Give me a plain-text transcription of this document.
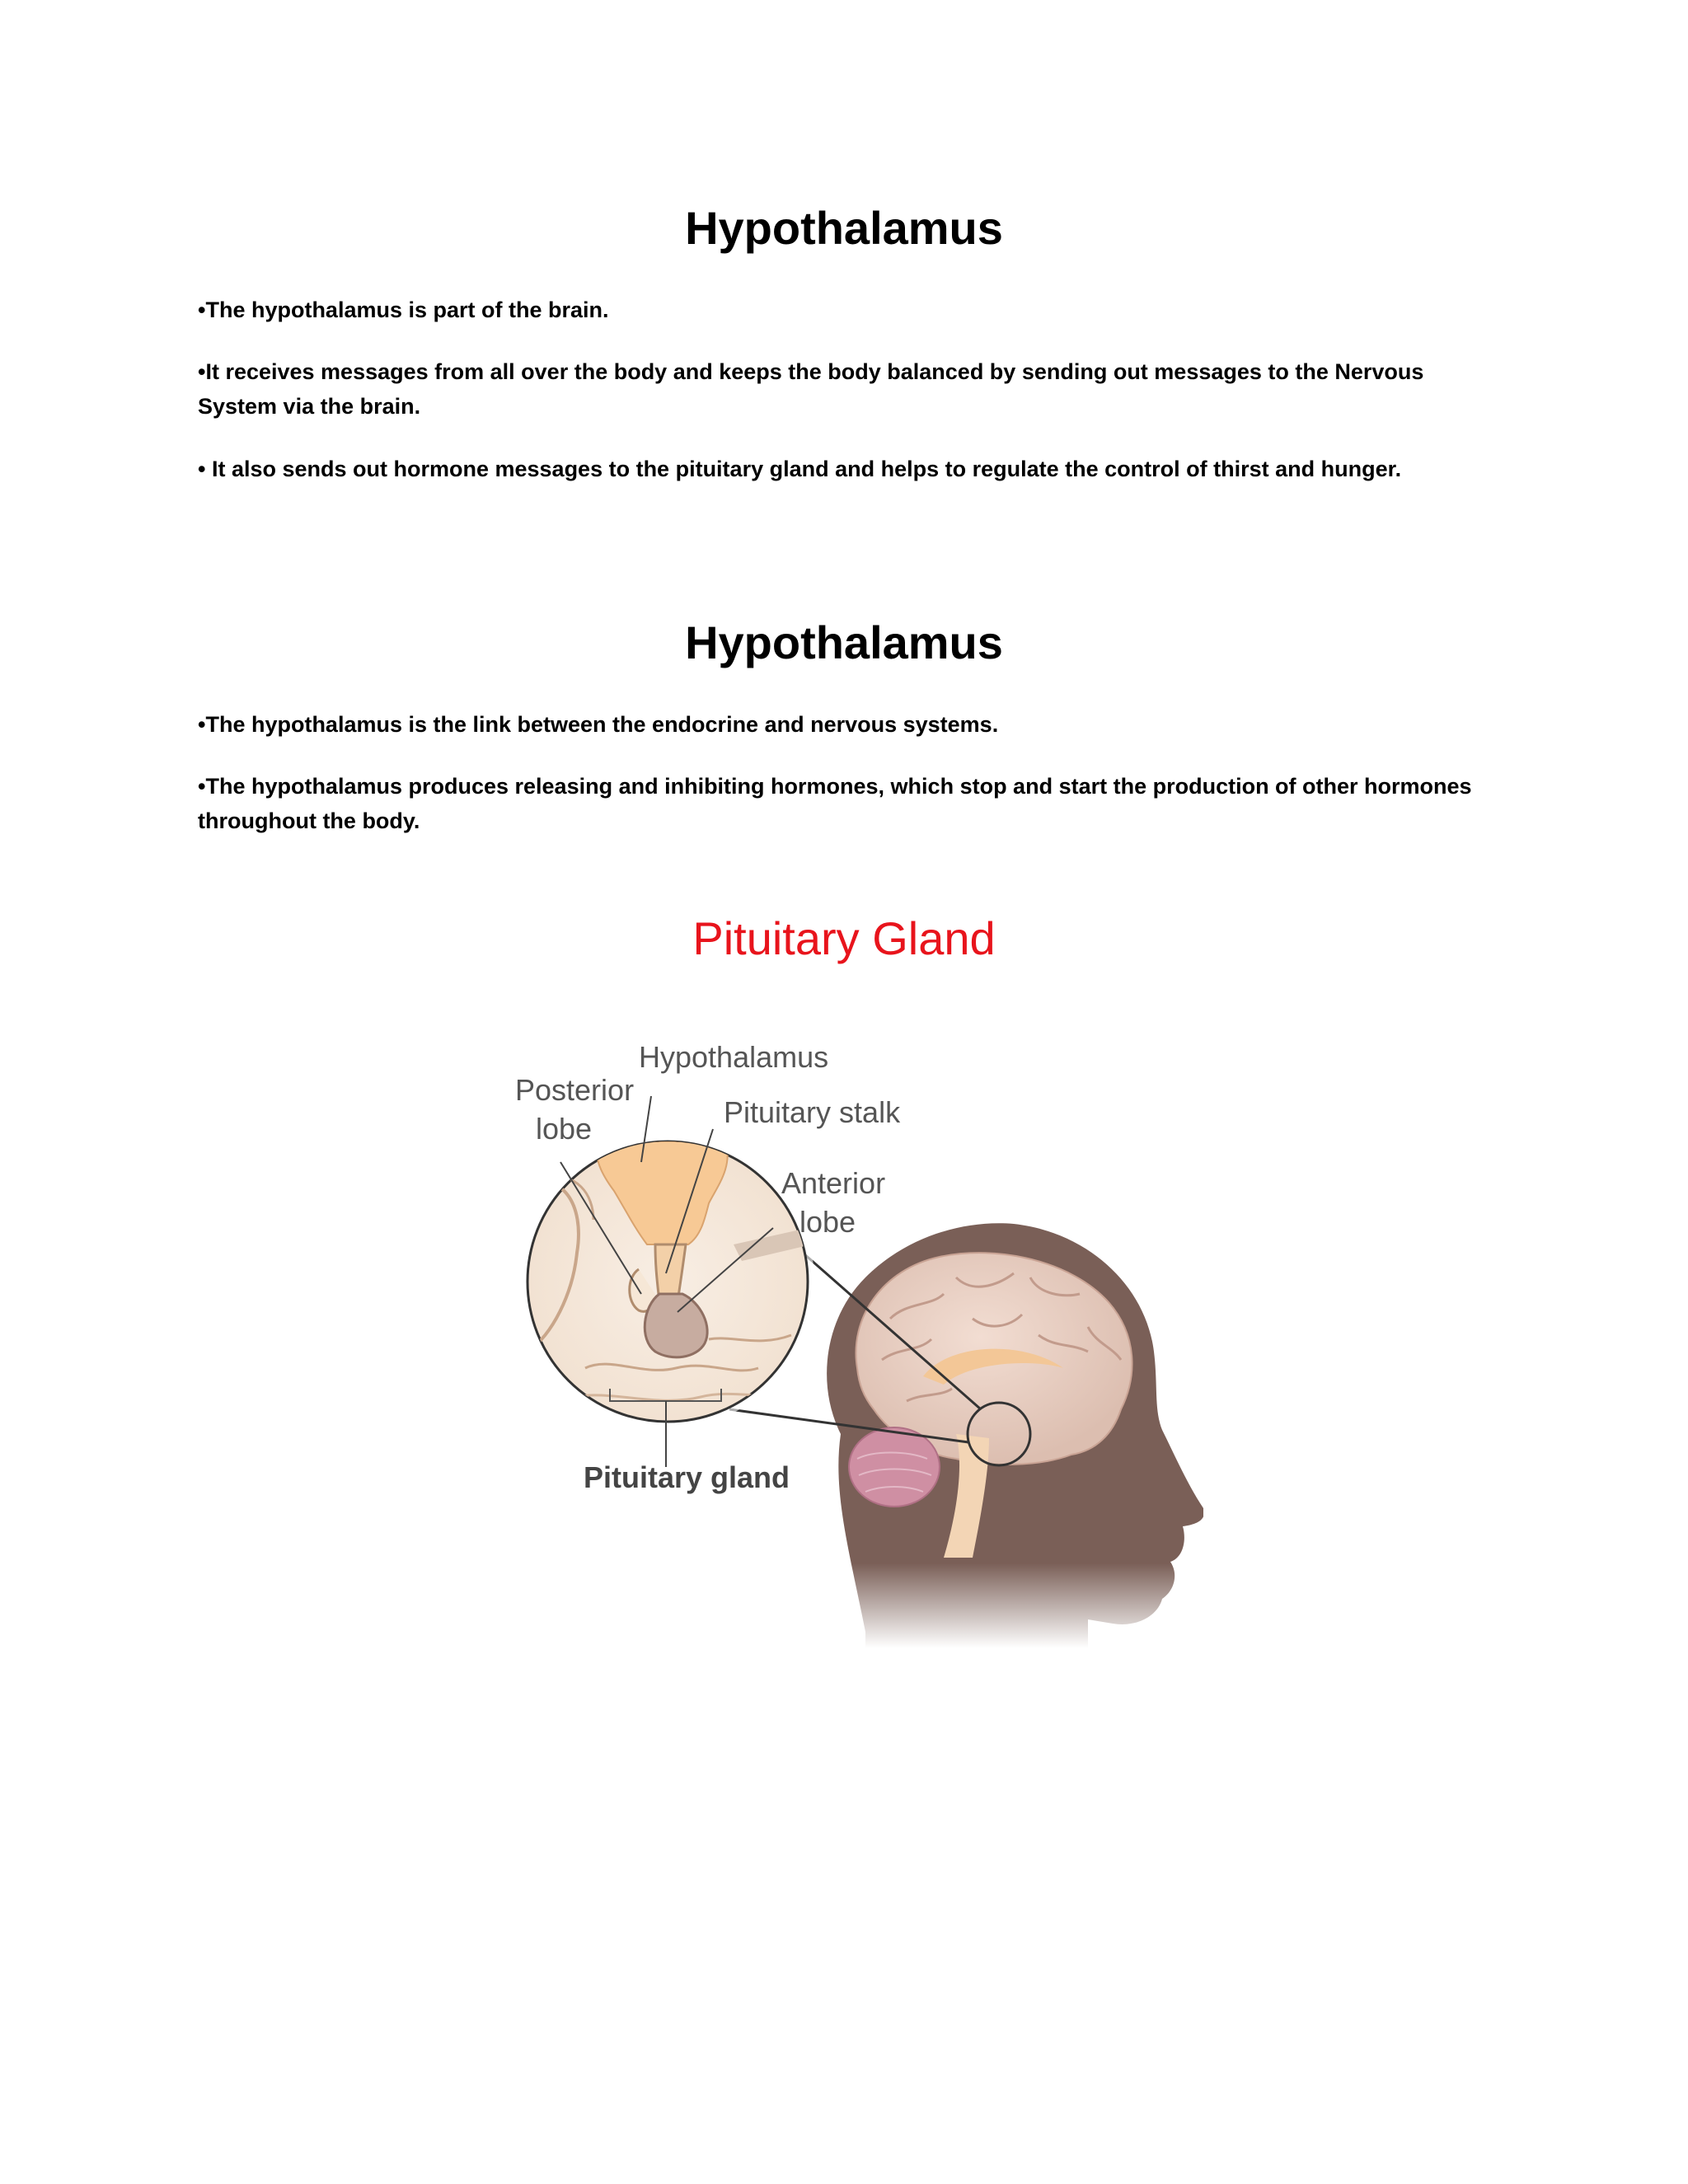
Hypothalamus

•The hypothalamus is part of the brain.

•It receives messages from all over the body and keeps the body balanced by sending out messages to the Nervous System via the brain.

• It also sends out hormone messages to the pituitary gland and helps to regulate the control of thirst and hunger.

Hypothalamus

•The hypothalamus is the link between the endocrine and nervous systems.

•The hypothalamus produces releasing and inhibiting hormones, which stop and start the production of other hormones throughout the body.

Pituitary Gland
Hypothalamus
Posterior
lobe	Pituitary stalk
Anterior
lobe
Pituitary gland
